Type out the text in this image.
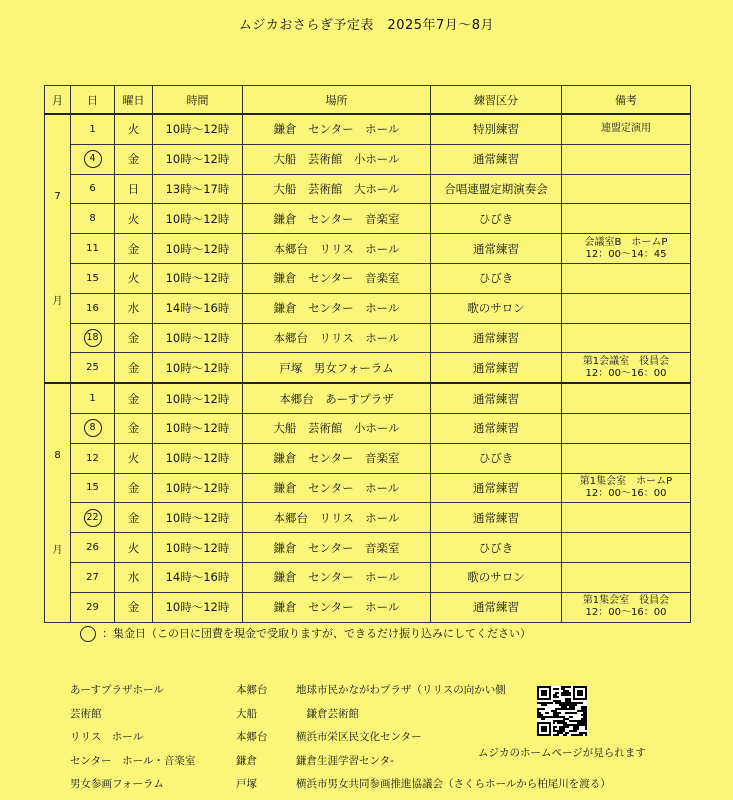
ムジカおさらぎ予定表　2025年7月～8月
月	日	曜日	時間	場所	練習区分	備考

7
月	1	火	10時～12時	鎌倉　センター　ホール	特別練習	連盟定演用

	4	金	10時～12時	大船　芸術館　小ホール	通常練習	
	6	日	13時～17時	大船　芸術館　大ホール	合唱連盟定期演奏会	
	8	火	10時～12時	鎌倉　センター　音楽室	ひびき	
	11	金	10時～12時	本郷台　リリス　ホール	通常練習	会議室B　ホームP
12：00～14：45

	15	火	10時～12時	鎌倉　センター　音楽室	ひびき	
	16	水	14時～16時	鎌倉　センター　ホール	歌のサロン	
	18	金	10時～12時	本郷台　リリス　ホール	通常練習	
	25	金	10時～12時	戸塚　男女フォーラム	通常練習	第1会議室　役員会
12：00～16：00

8
月	1	金	10時～12時	本郷台　あーすプラザ	通常練習	
	8	金	10時～12時	大船　芸術館　小ホール	通常練習	
	12	火	10時～12時	鎌倉　センター　音楽室	ひびき	
	15	金	10時～12時	鎌倉　センター　ホール	通常練習	第1集会室　ホームP
12：00～16：00

	22	金	10時～12時	本郷台　リリス　ホール	通常練習	
	26	火	10時～12時	鎌倉　センター　音楽室	ひびき	
	27	水	14時～16時	鎌倉　センター　ホール	歌のサロン	
	29	金	10時～12時	鎌倉　センター　ホール	通常練習	第1集会室　役員会
12：00～16：00
：集金日（この日に団費を現金で受取りますが、できるだけ振り込みにしてください）
あーすプラザホール	本郷台	地球市民かながわプラザ（リリスの向かい側
芸術館	大船	　鎌倉芸術館
リリス　ホール	本郷台	横浜市栄区民文化センター
センター　ホール・音楽室	鎌倉	鎌倉生涯学習センタ-
男女参画フォーラム	戸塚	横浜市男女共同参画推進協議会（さくらホールから柏尾川を渡る）
ムジカのホームページが見られます
